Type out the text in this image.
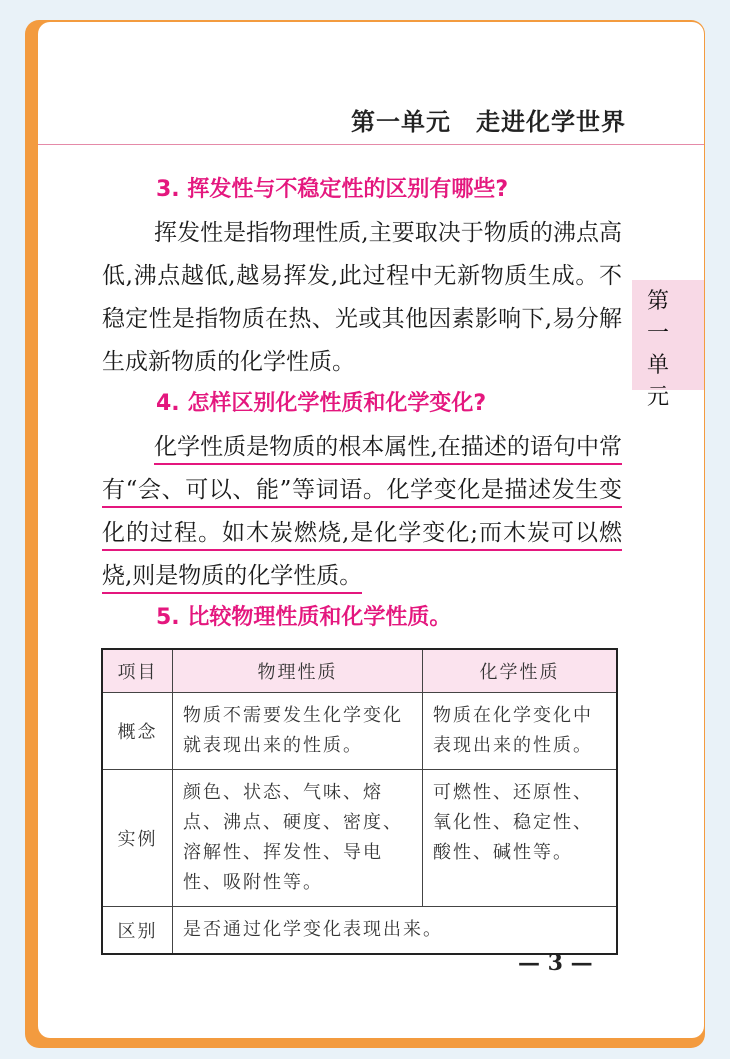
第一单元　走进化学世界
第一单元
3. 挥发性与不稳定性的区别有哪些?

挥发性是指物理性质,主要取决于物质的沸点高低,沸点越低,越易挥发,此过程中无新物质生成。不稳定性是指物质在热、光或其他因素影响下,易分解生成新物质的化学性质。

4. 怎样区别化学性质和化学变化?

化学性质是物质的根本属性,在描述的语句中常有“会、可以、能”等词语。化学变化是描述发生变化的过程。如木炭燃烧,是化学变化;而木炭可以燃烧,则是物质的化学性质。

5. 比较物理性质和化学性质。
项目	物理性质	化学性质
概念	物质不需要发生化学变化就表现出来的性质。	物质在化学变化中表现出来的性质。
实例	颜色、状态、气味、熔点、沸点、硬度、密度、溶解性、挥发性、导电性、吸附性等。	可燃性、还原性、氧化性、稳定性、酸性、碱性等。
区别	是否通过化学变化表现出来。	
— 3 —
